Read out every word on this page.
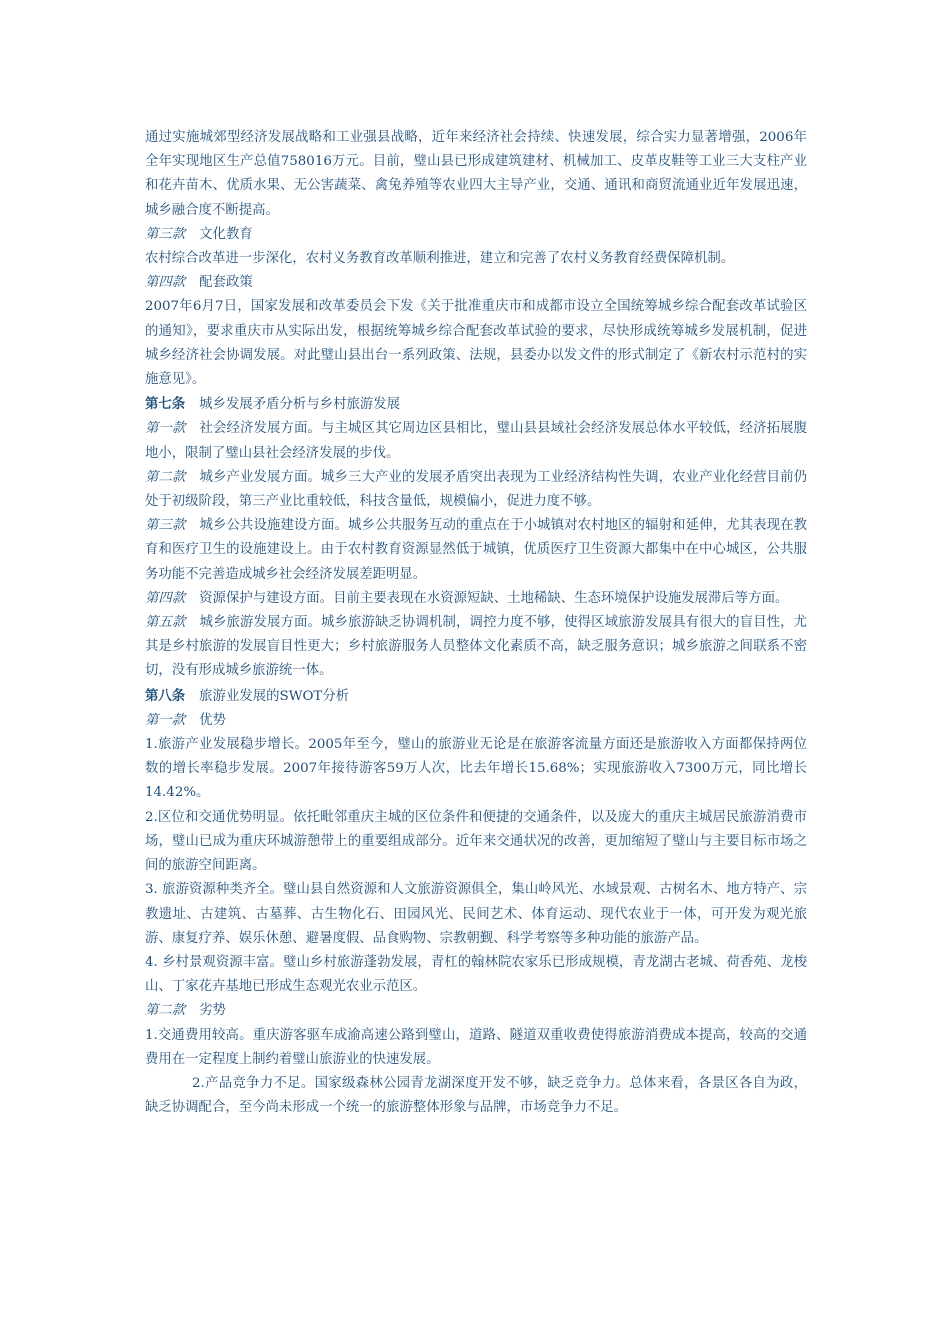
通过实施城郊型经济发展战略和工业强县战略，近年来经济社会持续、快速发展，综合实力显著增强，2006年全年实现地区生产总值758016万元。目前，璧山县已形成建筑建材、机械加工、皮革皮鞋等工业三大支柱产业和花卉苗木、优质水果、无公害蔬菜、禽兔养殖等农业四大主导产业，交通、通讯和商贸流通业近年发展迅速，城乡融合度不断提高。

第三款 文化教育

农村综合改革进一步深化，农村义务教育改革顺利推进，建立和完善了农村义务教育经费保障机制。

第四款 配套政策

2007年6月7日，国家发展和改革委员会下发《关于批准重庆市和成都市设立全国统筹城乡综合配套改革试验区的通知》，要求重庆市从实际出发，根据统筹城乡综合配套改革试验的要求，尽快形成统筹城乡发展机制，促进城乡经济社会协调发展。对此璧山县出台一系列政策、法规，县委办以发文件的形式制定了《新农村示范村的实施意见》。

第七条 城乡发展矛盾分析与乡村旅游发展

第一款 社会经济发展方面。与主城区其它周边区县相比，璧山县县域社会经济发展总体水平较低，经济拓展腹地小，限制了璧山县社会经济发展的步伐。

第二款 城乡产业发展方面。城乡三大产业的发展矛盾突出表现为工业经济结构性失调，农业产业化经营目前仍处于初级阶段，第三产业比重较低，科技含量低，规模偏小，促进力度不够。

第三款 城乡公共设施建设方面。城乡公共服务互动的重点在于小城镇对农村地区的辐射和延伸，尤其表现在教育和医疗卫生的设施建设上。由于农村教育资源显然低于城镇，优质医疗卫生资源大都集中在中心城区，公共服务功能不完善造成城乡社会经济发展差距明显。

第四款 资源保护与建设方面。目前主要表现在水资源短缺、土地稀缺、生态环境保护设施发展滞后等方面。

第五款 城乡旅游发展方面。城乡旅游缺乏协调机制，调控力度不够，使得区域旅游发展具有很大的盲目性，尤其是乡村旅游的发展盲目性更大；乡村旅游服务人员整体文化素质不高，缺乏服务意识；城乡旅游之间联系不密切，没有形成城乡旅游统一体。

第八条 旅游业发展的SWOT分析

第一款 优势

1.旅游产业发展稳步增长。2005年至今，璧山的旅游业无论是在旅游客流量方面还是旅游收入方面都保持两位数的增长率稳步发展。2007年接待游客59万人次，比去年增长15.68%；实现旅游收入7300万元，同比增长14.42%。

2.区位和交通优势明显。依托毗邻重庆主城的区位条件和便捷的交通条件，以及庞大的重庆主城居民旅游消费市场，璧山已成为重庆环城游憩带上的重要组成部分。近年来交通状况的改善，更加缩短了璧山与主要目标市场之间的旅游空间距离。

3. 旅游资源种类齐全。璧山县自然资源和人文旅游资源俱全，集山岭风光、水域景观、古树名木、地方特产、宗教遗址、古建筑、古墓葬、古生物化石、田园风光、民间艺术、体育运动、现代农业于一体，可开发为观光旅游、康复疗养、娱乐休憩、避暑度假、品食购物、宗教朝觐、科学考察等多种功能的旅游产品。

4. 乡村景观资源丰富。璧山乡村旅游蓬勃发展，青杠的翰林院农家乐已形成规模，青龙湖古老城、荷香苑、龙梭山、丁家花卉基地已形成生态观光农业示范区。

第二款 劣势

1.交通费用较高。重庆游客驱车成渝高速公路到璧山，道路、隧道双重收费使得旅游消费成本提高，较高的交通费用在一定程度上制约着璧山旅游业的快速发展。

2.产品竞争力不足。国家级森林公园青龙湖深度开发不够，缺乏竞争力。总体来看，各景区各自为政，缺乏协调配合，至今尚未形成一个统一的旅游整体形象与品牌，市场竞争力不足。
